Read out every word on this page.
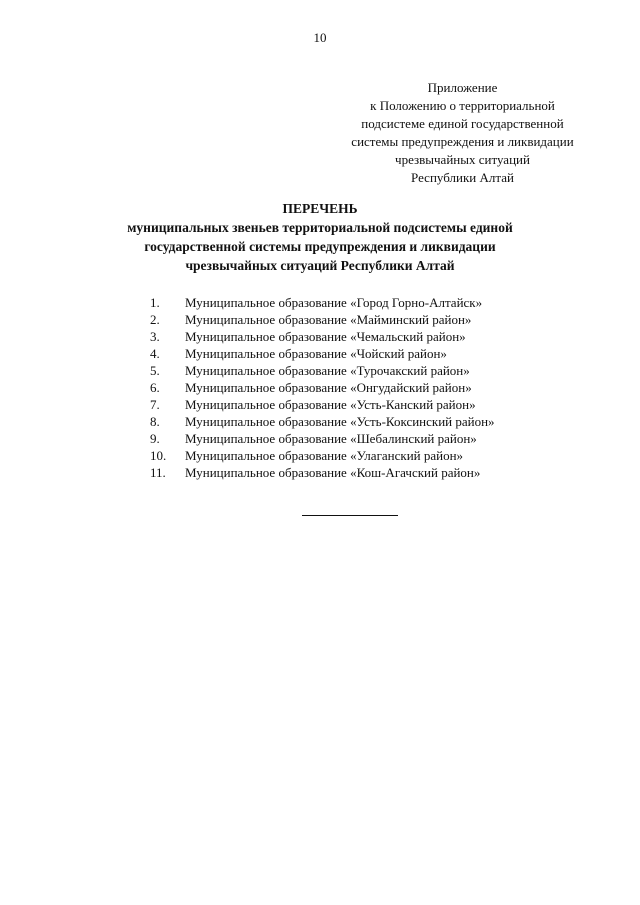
10
Приложение
к Положению о территориальной
подсистеме единой государственной
системы предупреждения и ликвидации
чрезвычайных ситуаций
Республики Алтай
ПЕРЕЧЕНЬ
муниципальных звеньев территориальной подсистемы единой
государственной системы предупреждения и ликвидации
чрезвычайных ситуаций Республики Алтай
1.	Муниципальное образование «Город Горно-Алтайск»
2.	Муниципальное образование «Майминский район»
3.	Муниципальное образование «Чемальский район»
4.	Муниципальное образование «Чойский район»
5.	Муниципальное образование «Турочакский район»
6.	Муниципальное образование «Онгудайский район»
7.	Муниципальное образование «Усть-Канский район»
8.	Муниципальное образование «Усть-Коксинский район»
9.	Муниципальное образование «Шебалинский район»
10.	Муниципальное образование «Улаганский район»
11.	Муниципальное образование «Кош-Агачский район»
